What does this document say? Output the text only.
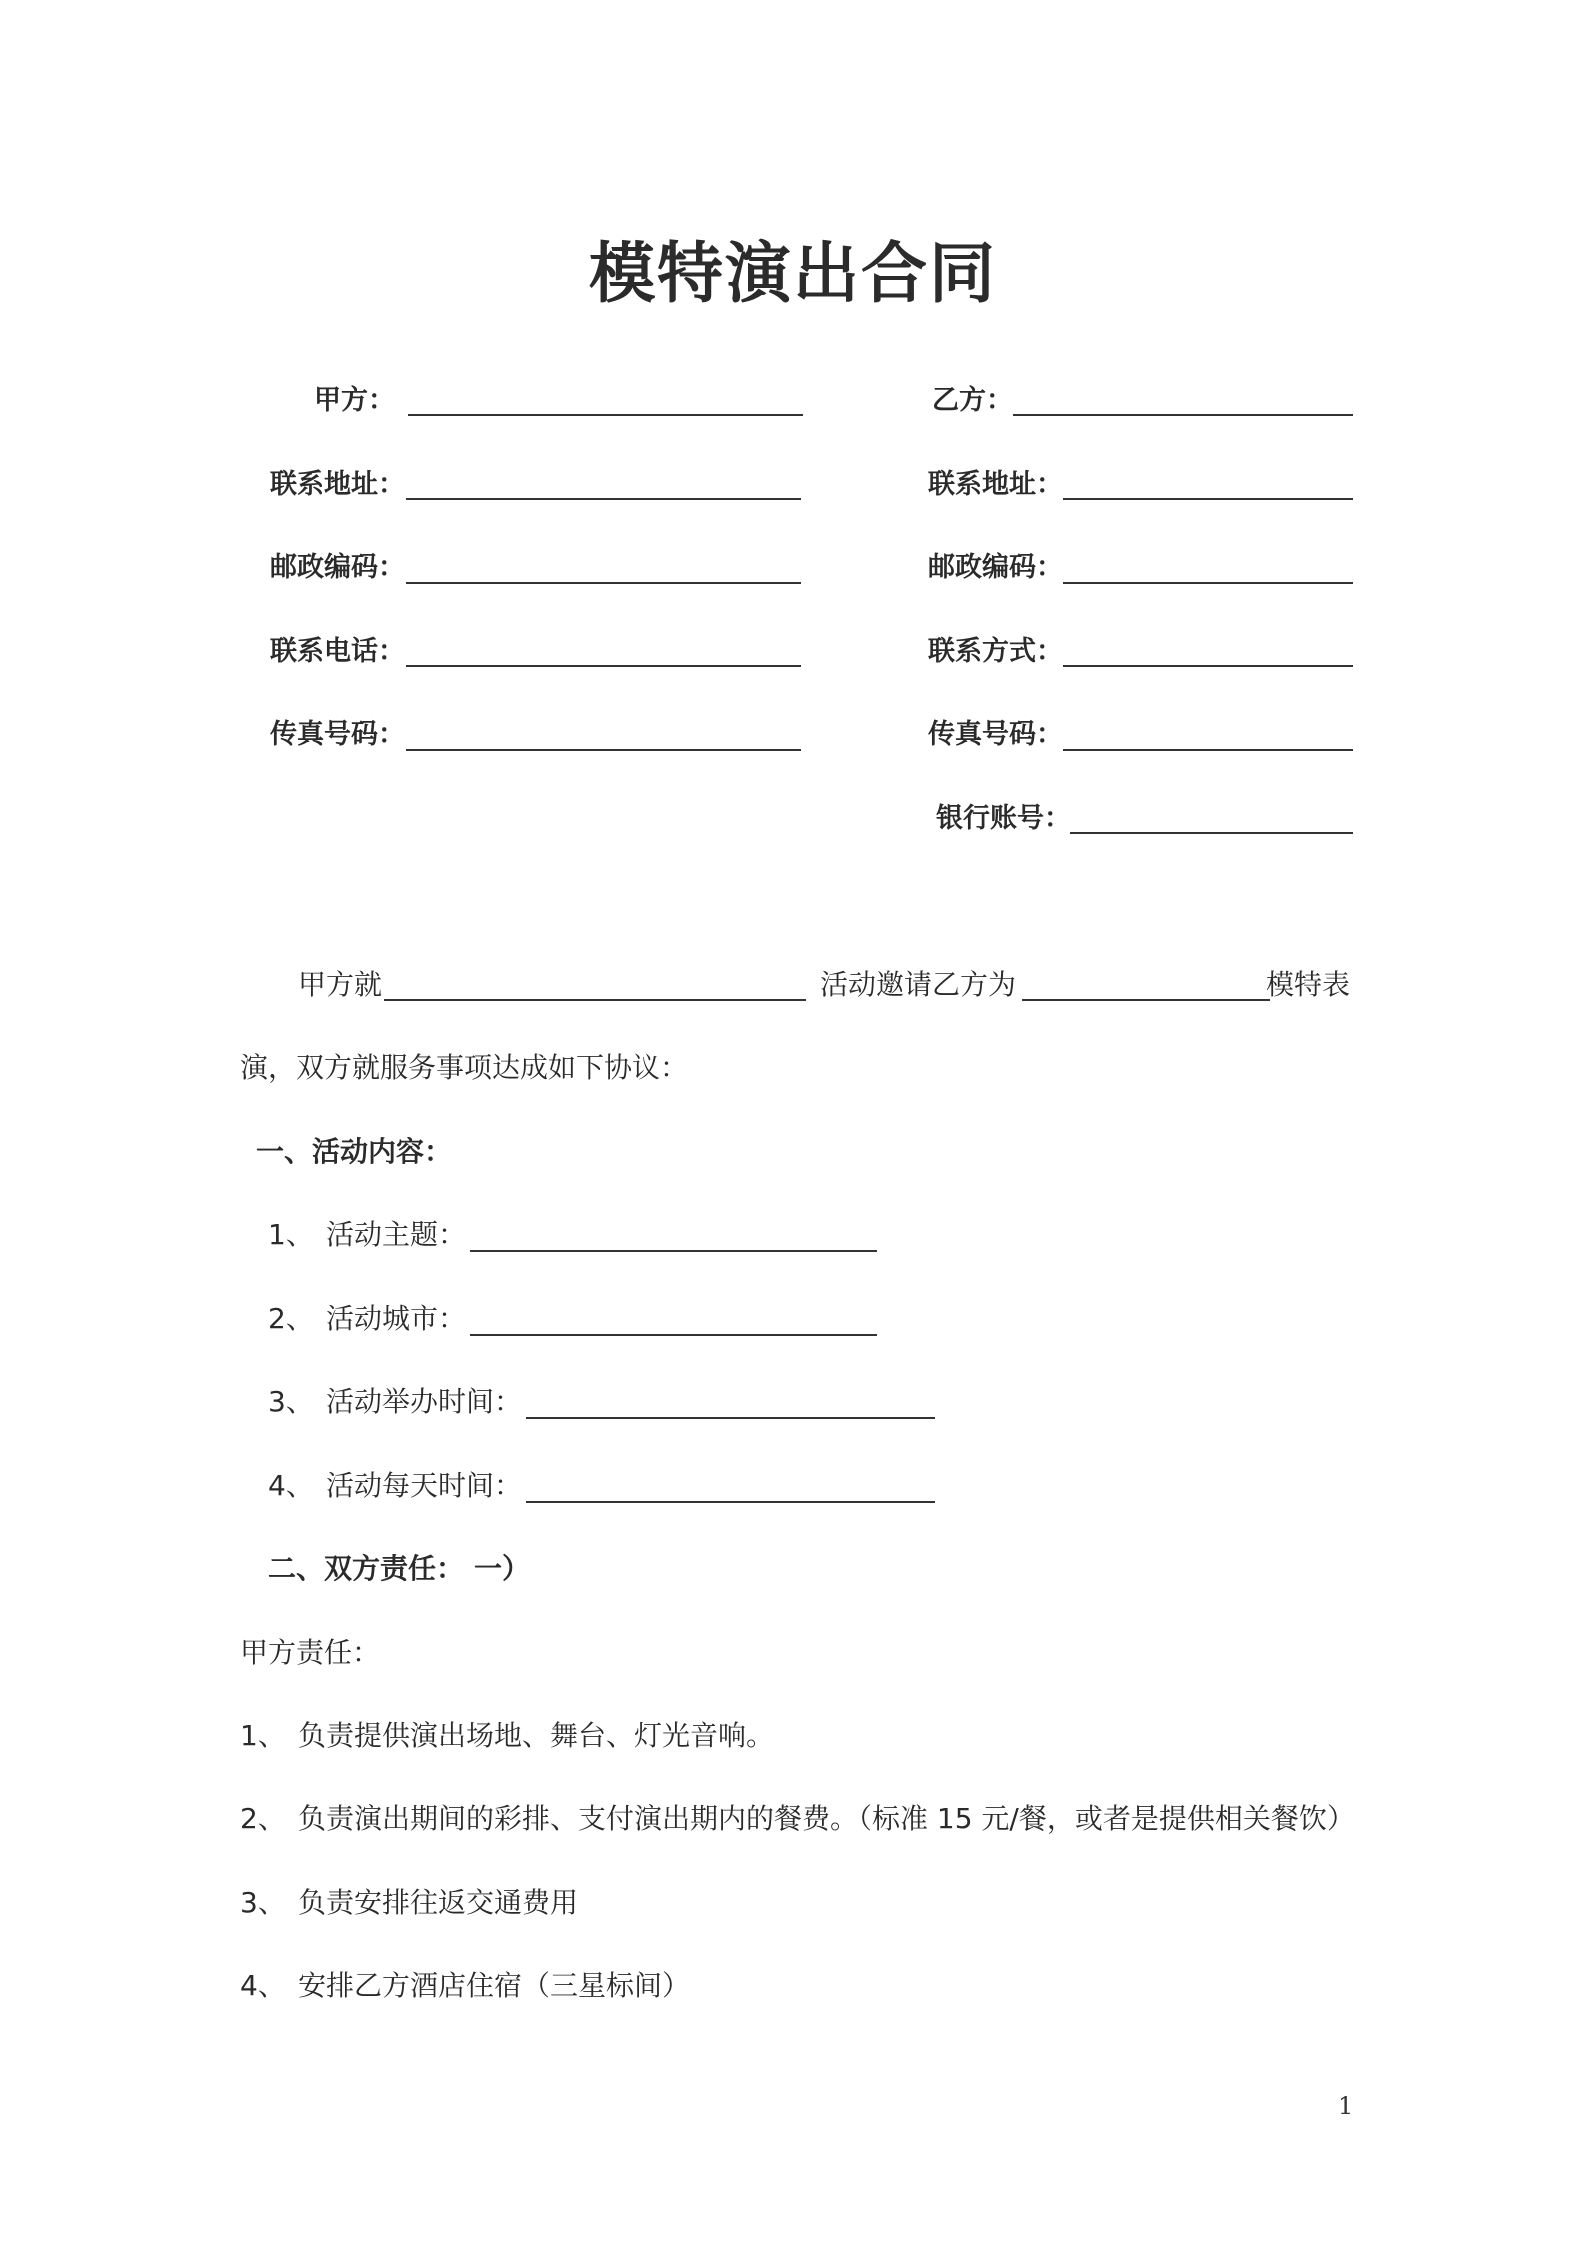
模特演出合同
甲方：
联系地址：
邮政编码：
联系电话：
传真号码：
乙方：
联系地址：
邮政编码：
联系方式：
传真号码：
银行账号：
甲方就	活动邀请乙方为	模特表
演，双方就服务事项达成如下协议：
一、活动内容：
1、 活动主题：
2、 活动城市：
3、 活动举办时间：
4、 活动每天时间：
二、双方责任： 一）
甲方责任：
1、 负责提供演出场地、舞台、灯光音响。
2、 负责演出期间的彩排、支付演出期内的餐费。（标准 15 元/餐，或者是提供相关餐饮）
3、 负责安排往返交通费用
4、 安排乙方酒店住宿（三星标间）
1
